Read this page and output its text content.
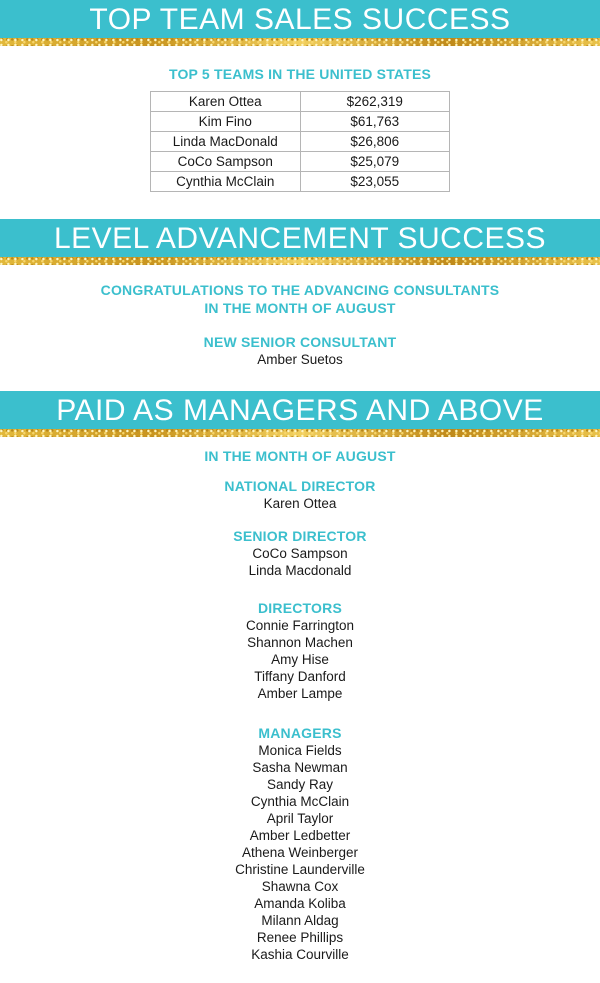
TOP TEAM SALES SUCCESS

TOP 5 TEAMS IN THE UNITED STATES

Karen Ottea	$262,319
Kim Fino	$61,763
Linda MacDonald	$26,806
CoCo Sampson	$25,079
Cynthia McClain	$23,055
LEVEL ADVANCEMENT SUCCESS

CONGRATULATIONS TO THE ADVANCING CONSULTANTS

IN THE MONTH OF AUGUST

NEW SENIOR CONSULTANT

Amber Suetos

PAID AS MANAGERS AND ABOVE

IN THE MONTH OF AUGUST

NATIONAL DIRECTOR

Karen Ottea

SENIOR DIRECTOR

CoCo Sampson

Linda Macdonald

DIRECTORS

Connie Farrington

Shannon Machen

Amy Hise

Tiffany Danford

Amber Lampe

MANAGERS

Monica Fields

Sasha Newman

Sandy Ray

Cynthia McClain

April Taylor

Amber Ledbetter

Athena Weinberger

Christine Launderville

Shawna Cox

Amanda Koliba

Milann Aldag

Renee Phillips

Kashia Courville
